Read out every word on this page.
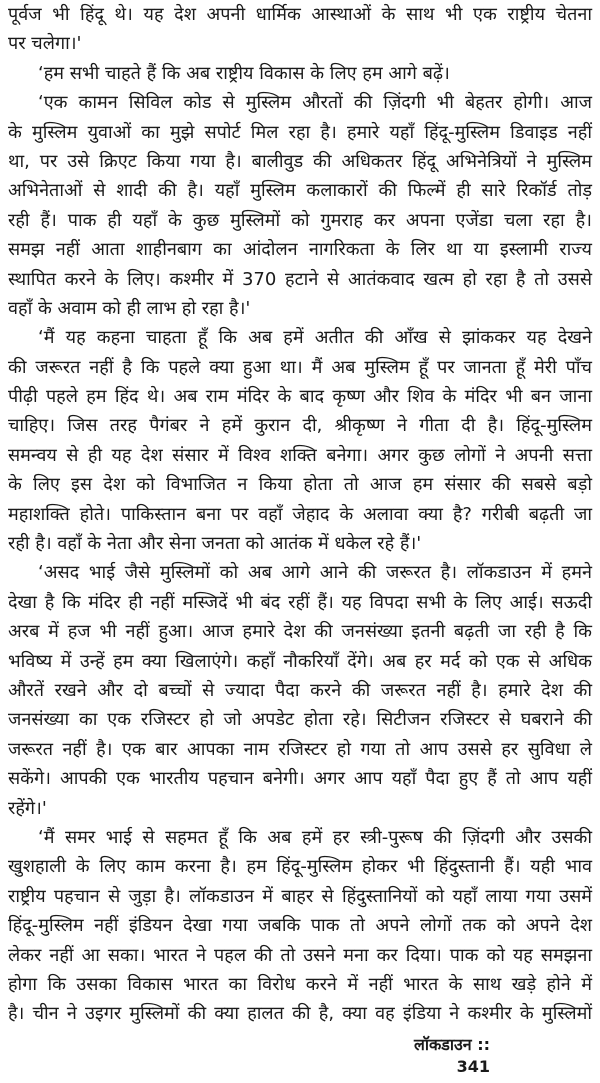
पूर्वज भी हिंदू थे। यह देश अपनी धार्मिक आस्थाओं के साथ भी एक राष्ट्रीय चेतना
पर चलेगा।'
‘हम सभी चाहते हैं कि अब राष्ट्रीय विकास के लिए हम आगे बढ़ें।
‘एक कामन सिविल कोड से मुस्लिम औरतों की ज़िंदगी भी बेहतर होगी। आज
के मुस्लिम युवाओं का मुझे सपोर्ट मिल रहा है। हमारे यहाँ हिंदू-मुस्लिम डिवाइड नहीं
था, पर उसे क्रिएट किया गया है। बालीवुड की अधिकतर हिंदू अभिनेत्रियों ने मुस्लिम
अभिनेताओं से शादी की है। यहाँ मुस्लिम कलाकारों की फिल्में ही सारे रिकॉर्ड तोड़
रही हैं। पाक ही यहाँ के कुछ मुस्लिमों को गुमराह कर अपना एजेंडा चला रहा है।
समझ नहीं आता शाहीनबाग का आंदोलन नागरिकता के लिर था या इस्लामी राज्य
स्थापित करने के लिए। कश्मीर में 370 हटाने से आतंकवाद खत्म हो रहा है तो उससे
वहाँ के अवाम को ही लाभ हो रहा है।'
‘मैं यह कहना चाहता हूँ कि अब हमें अतीत की आँख से झांककर यह देखने
की जरूरत नहीं है कि पहले क्या हुआ था। मैं अब मुस्लिम हूँ पर जानता हूँ मेरी पाँच
पीढ़ी पहले हम हिंद थे। अब राम मंदिर के बाद कृष्ण और शिव के मंदिर भी बन जाना
चाहिए। जिस तरह पैगंबर ने हमें कुरान दी, श्रीकृष्ण ने गीता दी है। हिंदू-मुस्लिम
समन्वय से ही यह देश संसार में विश्व शक्ति बनेगा। अगर कुछ लोगों ने अपनी सत्ता
के लिए इस देश को विभाजित न किया होता तो आज हम संसार की सबसे बड़ो
महाशक्ति होते। पाकिस्तान बना पर वहाँ जेहाद के अलावा क्या है? गरीबी बढ़ती जा
रही है। वहाँ के नेता और सेना जनता को आतंक में धकेल रहे हैं।'
‘असद भाई जैसे मुस्लिमों को अब आगे आने की जरूरत है। लॉकडाउन में हमने
देखा है कि मंदिर ही नहीं मस्जिदें भी बंद रहीं हैं। यह विपदा सभी के लिए आई। सऊदी
अरब में हज भी नहीं हुआ। आज हमारे देश की जनसंख्या इतनी बढ़ती जा रही है कि
भविष्य में उन्हें हम क्या खिलाएंगे। कहाँ नौकरियाँ देंगे। अब हर मर्द को एक से अधिक
औरतें रखने और दो बच्चों से ज्यादा पैदा करने की जरूरत नहीं है। हमारे देश की
जनसंख्या का एक रजिस्टर हो जो अपडेट होता रहे। सिटीजन रजिस्टर से घबराने की
जरूरत नहीं है। एक बार आपका नाम रजिस्टर हो गया तो आप उससे हर सुविधा ले
सकेंगे। आपकी एक भारतीय पहचान बनेगी। अगर आप यहाँ पैदा हुए हैं तो आप यहीं
रहेंगे।'
‘मैं समर भाई से सहमत हूँ कि अब हमें हर स्त्री-पुरूष की ज़िंदगी और उसकी
खुशहाली के लिए काम करना है। हम हिंदू-मुस्लिम होकर भी हिंदुस्तानी हैं। यही भाव
राष्ट्रीय पहचान से जुड़ा है। लॉकडाउन में बाहर से हिंदुस्तानियों को यहाँ लाया गया उसमें
हिंदू-मुस्लिम नहीं इंडियन देखा गया जबकि पाक तो अपने लोगों तक को अपने देश
लेकर नहीं आ सका। भारत ने पहल की तो उसने मना कर दिया। पाक को यह समझना
होगा कि उसका विकास भारत का विरोध करने में नहीं भारत के साथ खड़े होने में
है। चीन ने उइगर मुस्लिमों की क्या हालत की है, क्या वह इंडिया ने कश्मीर के मुस्लिमों
लॉकडाउन :: 341
